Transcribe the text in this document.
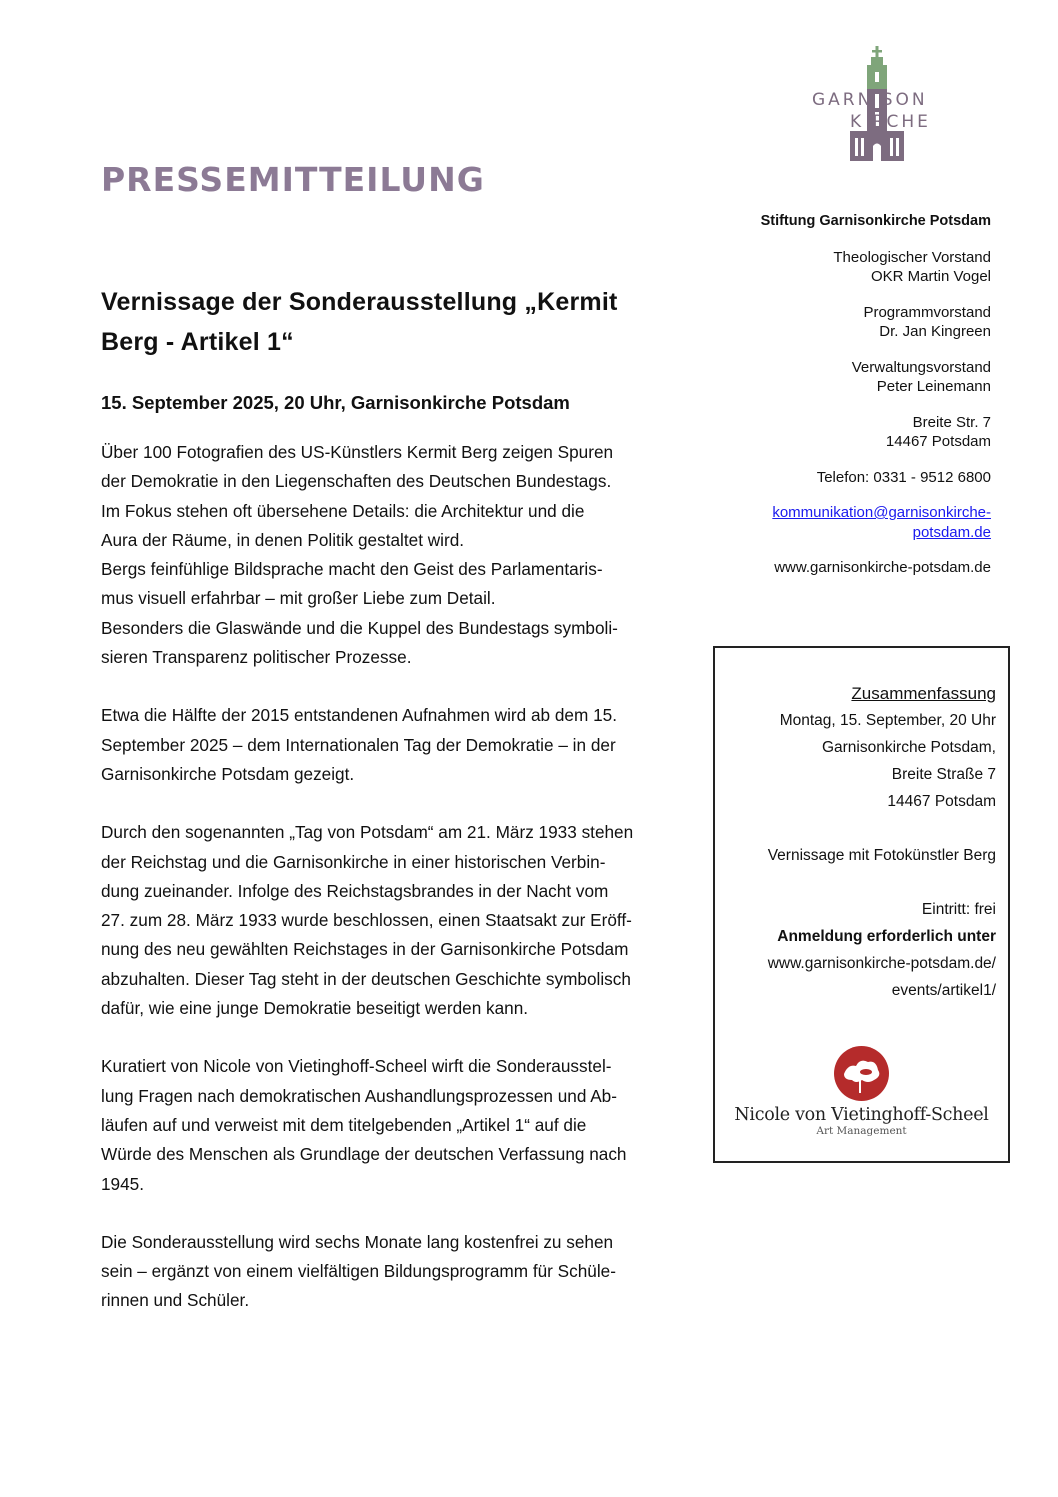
GARN SON
K RCHE
PRESSEMITTEILUNG
Stiftung Garnisonkirche Potsdam
Theologischer Vorstand
OKR Martin Vogel
Programmvorstand
Dr. Jan Kingreen
Verwaltungsvorstand
Peter Leinemann
Breite Str. 7
14467 Potsdam
Telefon: 0331 - 9512 6800
kommunikation@garnisonkirche-
potsdam.de
www.garnisonkirche-potsdam.de
Vernissage der Sonderausstellung „Kermit
Berg - Artikel 1“
15. September 2025, 20 Uhr, Garnisonkirche Potsdam

Über 100 Fotografien des US-Künstlers Kermit Berg zeigen Spuren
der Demokratie in den Liegenschaften des Deutschen Bundestags.
Im Fokus stehen oft übersehene Details: die Architektur und die
Aura der Räume, in denen Politik gestaltet wird.
Bergs feinfühlige Bildsprache macht den Geist des Parlamentaris-
mus visuell erfahrbar – mit großer Liebe zum Detail.
Besonders die Glaswände und die Kuppel des Bundestags symboli-
sieren Transparenz politischer Prozesse.

Etwa die Hälfte der 2015 entstandenen Aufnahmen wird ab dem 15.
September 2025 – dem Internationalen Tag der Demokratie – in der
Garnisonkirche Potsdam gezeigt.

Durch den sogenannten „Tag von Potsdam“ am 21. März 1933 stehen
der Reichstag und die Garnisonkirche in einer historischen Verbin-
dung zueinander. Infolge des Reichstagsbrandes in der Nacht vom
27. zum 28. März 1933 wurde beschlossen, einen Staatsakt zur Eröff-
nung des neu gewählten Reichstages in der Garnisonkirche Potsdam
abzuhalten. Dieser Tag steht in der deutschen Geschichte symbolisch
dafür, wie eine junge Demokratie beseitigt werden kann.

Kuratiert von Nicole von Vietinghoff-Scheel wirft die Sonderausstel-
lung Fragen nach demokratischen Aushandlungsprozessen und Ab-
läufen auf und verweist mit dem titelgebenden „Artikel 1“ auf die
Würde des Menschen als Grundlage der deutschen Verfassung nach
1945.

Die Sonderausstellung wird sechs Monate lang kostenfrei zu sehen
sein – ergänzt von einem vielfältigen Bildungsprogramm für Schüle-
rinnen und Schüler.

Zusammenfassung
Montag, 15. September, 20 Uhr
Garnisonkirche Potsdam,
Breite Straße 7
14467 Potsdam
Vernissage mit Fotokünstler Berg
Eintritt: frei
Anmeldung erforderlich unter
www.garnisonkirche-potsdam.de/
events/artikel1/
Nicole von Vietinghoff-Scheel
Art Management
